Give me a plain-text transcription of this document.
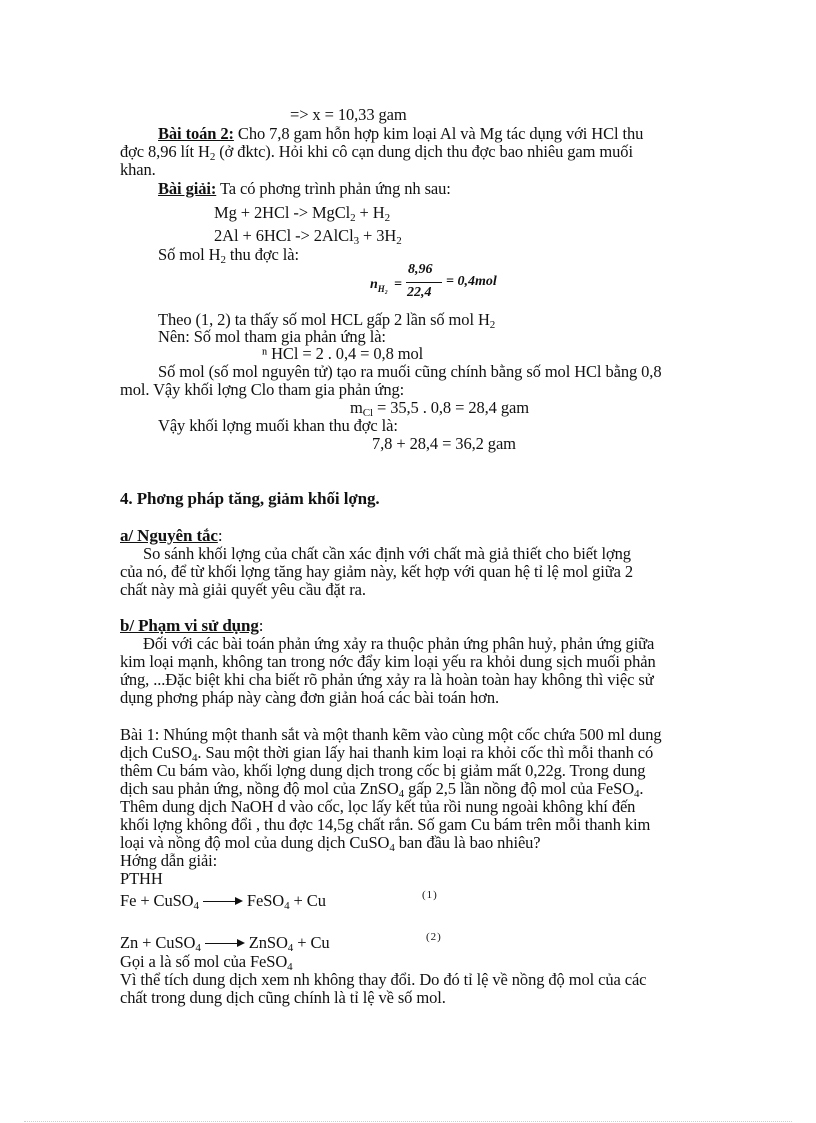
=> x = 10,33 gam
Bài toán 2: Cho 7,8 gam hỗn hợp kim loại Al và Mg tác dụng với HCl thu
đợc 8,96 lít $H_2$ (ở đktc). Hỏi khi cô cạn dung dịch thu đợc bao nhiêu gam muối
khan.
Bài giải: Ta có phơng trình phản ứng nh sau:
Mg + 2HCl -> MgCl$_2$ + $H_2$
2Al + 6HCl -> 2AlCl$_3$ + $3H_2$
Số mol $H_2$ thu đợc là:
$n_{H_2}$ =
8,96
22,4
= 0,4mol
Theo (1, 2) ta thấy số mol HCL gấp 2 lần số mol $H_2$
Nên: Số mol tham gia phản ứng là:
ⁿ HCl = 2 . 0,4 = 0,8 mol
Số mol (số mol nguyên tử) tạo ra muối cũng chính bằng số mol HCl bằng 0,8
mol. Vậy khối lợng Clo tham gia phản ứng:
$m_{Cl} = 35,5$ . 0,8 = 28,4 gam
Vậy khối lợng muối khan thu đợc là:
7,8 + 28,4 = 36,2 gam
4. Phơng pháp tăng, giảm khối lợng.
a/ Nguyên tắc:
So sánh khối lợng của chất cần xác định với chất mà giả thiết cho biết lợng
của nó, để từ khối lợng tăng hay giảm này, kết hợp với quan hệ tỉ lệ mol giữa 2
chất này mà giải quyết yêu cầu đặt ra.
b/ Phạm vi sử dụng:
Đối với các bài toán phản ứng xảy ra thuộc phản ứng phân huỷ, phản ứng giữa
kim loại mạnh, không tan trong nớc đẩy kim loại yếu ra khỏi dung sịch muối phản
ứng, ...Đặc biệt khi cha biết rõ phản ứng xảy ra là hoàn toàn hay không thì việc sử
dụng phơng pháp này càng đơn giản hoá các bài toán hơn.
Bài 1: Nhúng một thanh sắt và một thanh kẽm vào cùng một cốc chứa 500 ml dung
dịch CuSO$_4$. Sau một thời gian lấy hai thanh kim loại ra khỏi cốc thì mỗi thanh có
thêm Cu bám vào, khối lợng dung dịch trong cốc bị giảm mất 0,22g. Trong dung
dịch sau phản ứng, nồng độ mol của ZnSO$_4$ gấp 2,5 lần nồng độ mol của FeSO$_4$.
Thêm dung dịch NaOH d vào cốc, lọc lấy kết tủa rồi nung ngoài không khí đến
khối lợng không đổi , thu đợc 14,5g chất rắn. Số gam Cu bám trên mỗi thanh kim
loại và nồng độ mol của dung dịch CuSO$_4$ ban đầu là bao nhiêu?
Hớng dẫn giải:
PTHH
Fe + CuSO$_4$	FeSO$_4$ + Cu	(1)
Zn + CuSO$_4$	ZnSO$_4$ + Cu	(2)
Gọi a là số mol của FeSO$_4$
Vì thể tích dung dịch xem nh không thay đổi. Do đó tỉ lệ về nồng độ mol của các
chất trong dung dịch cũng chính là tỉ lệ về số mol.
